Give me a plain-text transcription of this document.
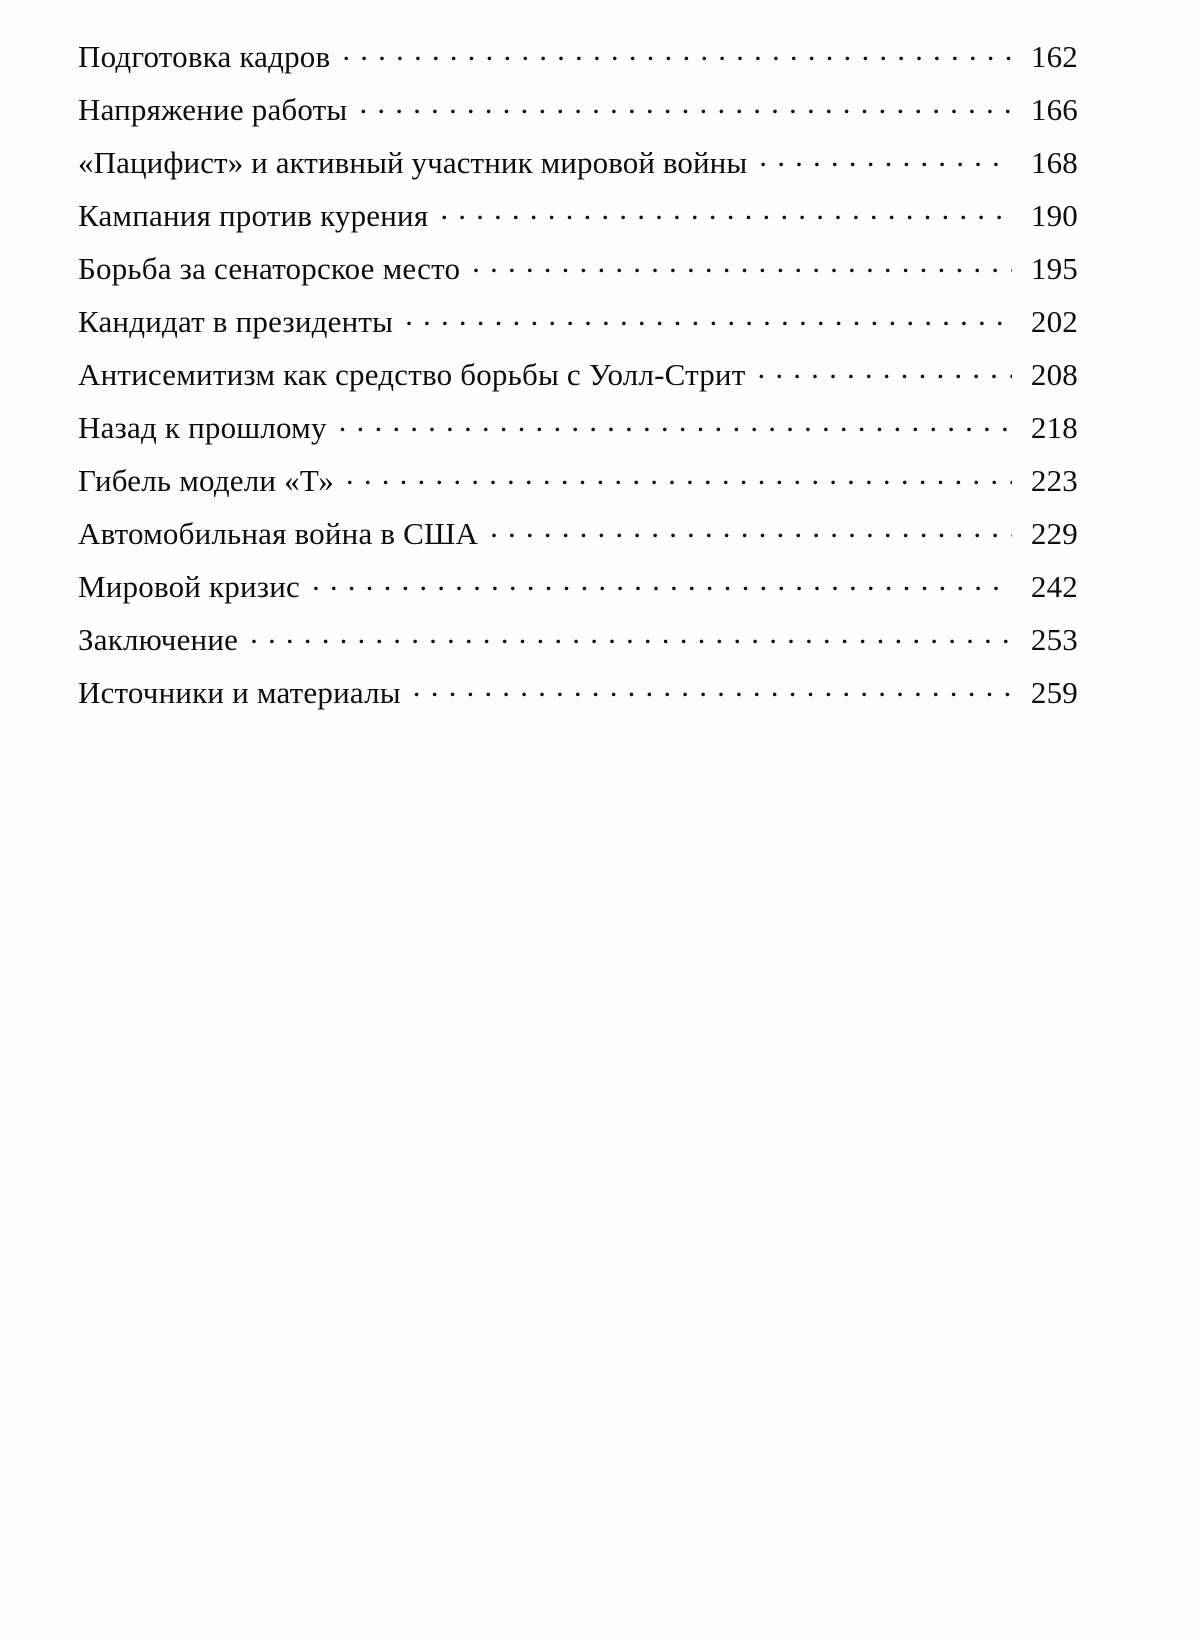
Подготовка кадров . . .	162
Напряжение работы . . .	166
«Пацифист» и активный участник мировой войны . . .	168
Кампания против курения . . .	190
Борьба за сенаторское место . . .	195
Кандидат в президенты . . .	202
Антисемитизм как средство борьбы с Уолл-Стрит . . .	208
Назад к прошлому . . .	218
Гибель модели «Т» . . .	223
Автомобильная война в США . . .	229
Мировой кризис . . .	242
Заключение . . .	253
Источники и материалы . . .	259
